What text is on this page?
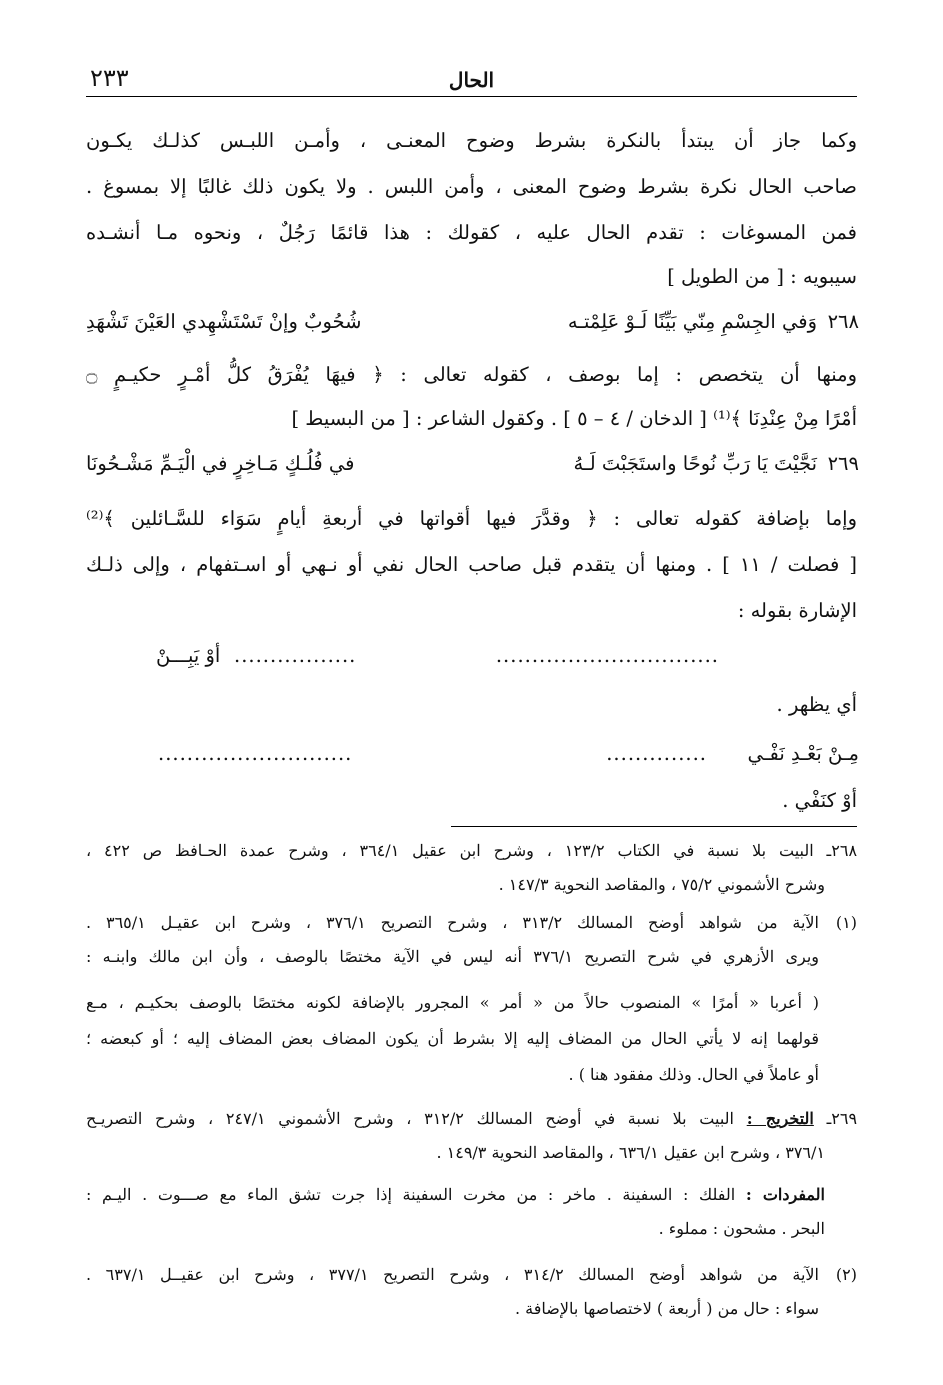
الحال
٢٣٣
وكما جاز أن يبتدأ بالنكرة بشرط وضوح المعنـى ، وأمـن اللبـس كذلـك يكـون
صاحب الحال نكرة بشرط وضوح المعنى ، وأمن اللبس . ولا يكون ذلك غالبًا إلا بمسوغ .
فمن المسوغات : تقدم الحال عليه ، كقولك : هذا قائمًا رَجُلٌ ، ونحوه مـا أنشـده
سيبويه : [ من الطويل ]
٢٦٨
وَفي الجِسْمِ مِنّي بَيِّنًا لَـوْ عَلِمْتـه
شُحُوبٌ وإنْ تَسْتَشْهِدي العَيْنَ تَشْهَدِ
ومنها أن يتخصص : إما بوصف ، كقوله تعالى : ﴿ فيهَا يُفْرَقُ كلُّ أمْـرٍ حكيـمٍ ۝
أمْرًا مِنْ عِنْدِنَا ﴾⁽¹⁾ [ الدخان / ٤ – ٥ ] . وكقول الشاعر : [ من البسيط ]
٢٦٩
نَجَّيْتَ يَا رَبِّ نُوحًا واستَجَبْتَ لَـهُ
في فُلُـكٍ مَـاخِرٍ في الْيَـمِّ مَشْـحُونَا
وإما بإضافة كقوله تعالى : ﴿ وقدَّرَ فيها أقواتها في أربعةِ أيامٍ سَوَاء للسَّـائلين ﴾⁽²⁾
[ فصلت / ١١ ] . ومنها أن يتقدم قبل صاحب الحال نفي أو نـهي أو اسـتفهام ، وإلى ذلـك
الإشارة بقوله :
...............................
.................
أوْ يَبِـــنْ
أي يظهر .
مِـنْ بَعْـدِ نَفْـي
..............
...........................
أوْ كنَفْي .
٢٦٨ـ البيت بلا نسبة في الكتاب ١٢٣/٢ ، وشرح ابن عقيل ٣٦٤/١ ، وشرح عمدة الحـافظ ص ٤٢٢ ،
وشرح الأشموني ٧٥/٢ ، والمقاصد النحوية ١٤٧/٣ .
(١)
الآية من شواهد أوضح المسالك ٣١٣/٢ ، وشرح التصريح ٣٧٦/١ ، وشرح ابن عقيـل ٣٦٥/١ .
ويرى الأزهري في شرح التصريح ٣٧٦/١ أنه ليس في الآية مختصًا بالوصف ، وأن ابن مالك وابنـه :
( أعربا « أمرًا » المنصوب حالاً من « أمر » المجرور بالإضافة لكونه مختصًا بالوصف بحكيـم ، مـع
قولهما إنه لا يأتي الحال من المضاف إليه إلا بشرط أن يكون المضاف بعض المضاف إليه ؛ أو كبعضه ؛
أو عاملاً في الحال. وذلك مفقود هنا ) .
٢٦٩ـ التخريج : البيت بلا نسبة في أوضح المسالك ٣١٢/٢ ، وشرح الأشموني ٢٤٧/١ ، وشرح التصريـح
٣٧٦/١ ، وشرح ابن عقيل ٦٣٦/١ ، والمقاصد النحوية ١٤٩/٣ .
المفردات : الفلك : السفينة . ماخر : من مخرت السفينة إذا جرت تشق الماء مع صـــوت . اليـم :
البحر . مشحون : مملوء .
(٢)
الآية من شواهد أوضح المسالك ٣١٤/٢ ، وشرح التصريح ٣٧٧/١ ، وشرح ابن عقيــل ٦٣٧/١ .
سواء : حال من ( أربعة ) لاختصاصها بالإضافة .
